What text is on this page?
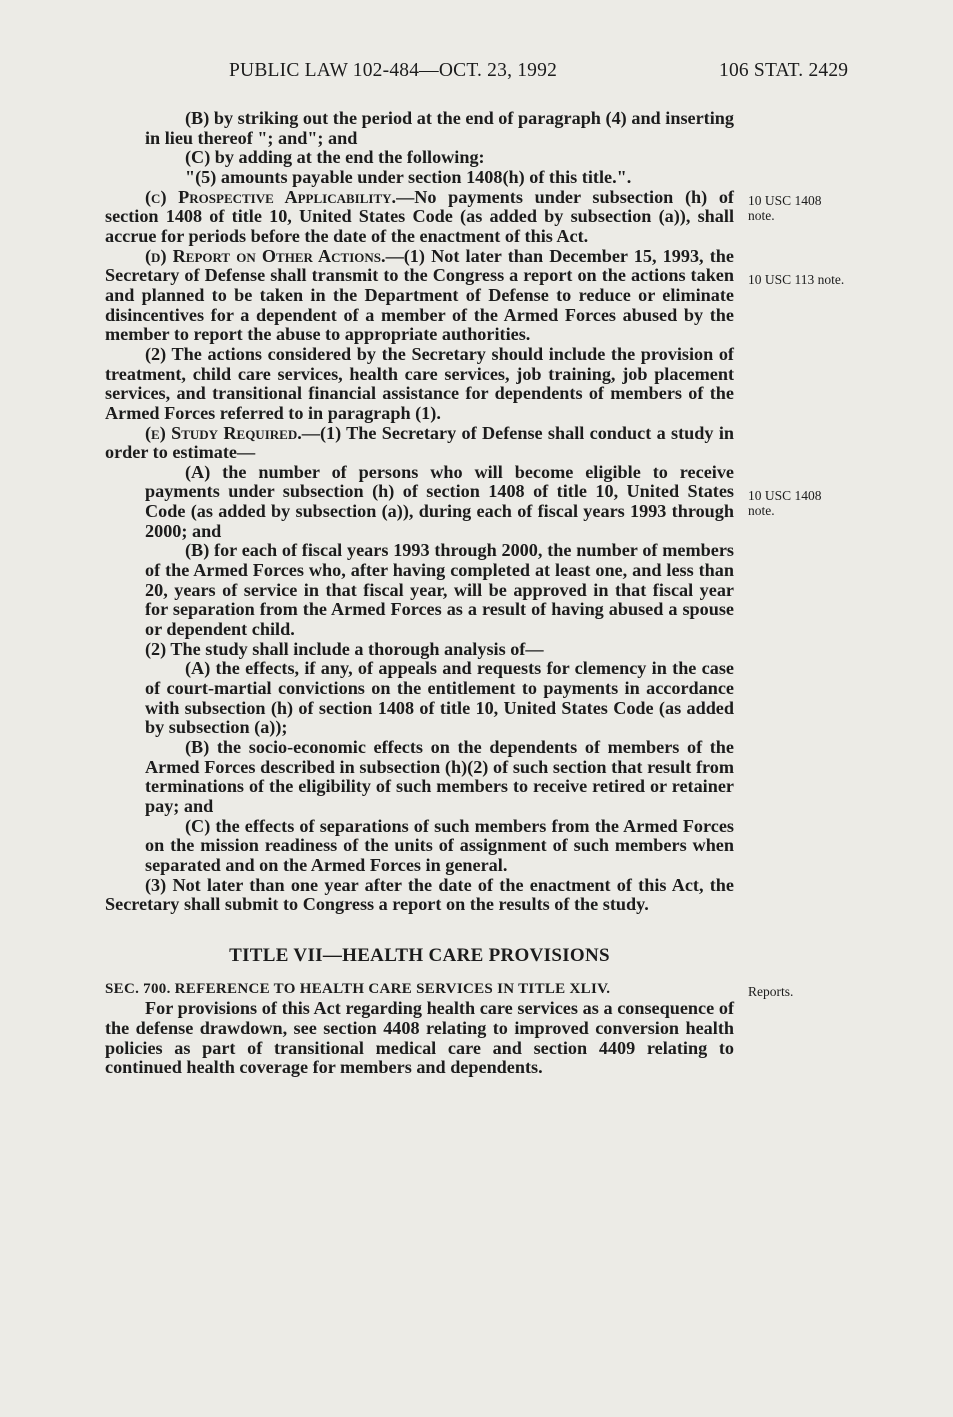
PUBLIC LAW 102-484—OCT. 23, 1992	106 STAT. 2429

(B) by striking out the period at the end of paragraph (4) and inserting in lieu thereof "; and"; and

(C) by adding at the end the following:

"(5) amounts payable under section 1408(h) of this title.".

(c) Prospective Applicability.—No payments under subsection (h) of section 1408 of title 10, United States Code (as added by subsection (a)), shall accrue for periods before the date of the enactment of this Act.

(d) Report on Other Actions.—(1) Not later than December 15, 1993, the Secretary of Defense shall transmit to the Congress a report on the actions taken and planned to be taken in the Department of Defense to reduce or eliminate disincentives for a dependent of a member of the Armed Forces abused by the member to report the abuse to appropriate authorities.

(2) The actions considered by the Secretary should include the provision of treatment, child care services, health care services, job training, job placement services, and transitional financial assistance for dependents of members of the Armed Forces referred to in paragraph (1).

(e) Study Required.—(1) The Secretary of Defense shall conduct a study in order to estimate—

(A) the number of persons who will become eligible to receive payments under subsection (h) of section 1408 of title 10, United States Code (as added by subsection (a)), during each of fiscal years 1993 through 2000; and

(B) for each of fiscal years 1993 through 2000, the number of members of the Armed Forces who, after having completed at least one, and less than 20, years of service in that fiscal year, will be approved in that fiscal year for separation from the Armed Forces as a result of having abused a spouse or dependent child.

(2) The study shall include a thorough analysis of—

(A) the effects, if any, of appeals and requests for clemency in the case of court-martial convictions on the entitlement to payments in accordance with subsection (h) of section 1408 of title 10, United States Code (as added by subsection (a));

(B) the socio-economic effects on the dependents of members of the Armed Forces described in subsection (h)(2) of such section that result from terminations of the eligibility of such members to receive retired or retainer pay; and

(C) the effects of separations of such members from the Armed Forces on the mission readiness of the units of assignment of such members when separated and on the Armed Forces in general.

(3) Not later than one year after the date of the enactment of this Act, the Secretary shall submit to Congress a report on the results of the study.

TITLE VII—HEALTH CARE PROVISIONS

SEC. 700. REFERENCE TO HEALTH CARE SERVICES IN TITLE XLIV.

For provisions of this Act regarding health care services as a consequence of the defense drawdown, see section 4408 relating to improved conversion health policies as part of transitional medical care and section 4409 relating to continued health coverage for members and dependents.

10 USC 1408
note.
10 USC 113 note.
10 USC 1408
note.
Reports.
